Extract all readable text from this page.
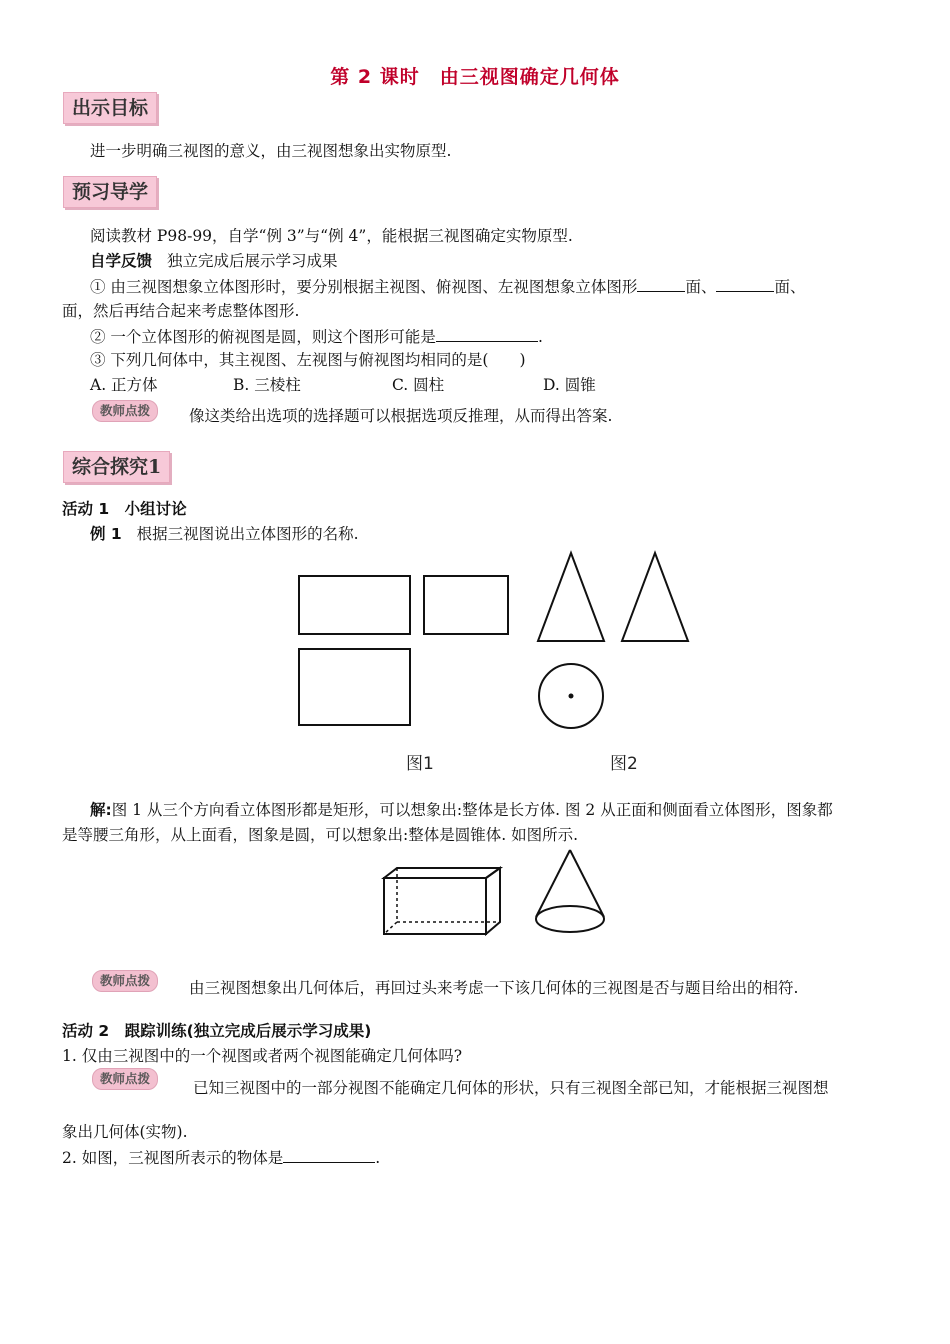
第 2 课时　由三视图确定几何体
出示目标
进一步明确三视图的意义，由三视图想象出实物原型.
预习导学
阅读教材 P98-99，自学“例 3”与“例 4”，能根据三视图确定实物原型.
自学反馈 独立完成后展示学习成果
① 由三视图想象立体图形时，要分别根据主视图、俯视图、左视图想象立体图形	面、	面、
面，然后再结合起来考虑整体图形.
② 一个立体图形的俯视图是圆，则这个图形可能是	.
③ 下列几何体中，其主视图、左视图与俯视图均相同的是(　　)
A. 正方体	B. 三棱柱	C. 圆柱	D. 圆锥
教师点拨	像这类给出选项的选择题可以根据选项反推理，从而得出答案.
综合探究1
活动 1　小组讨论
例 1 根据三视图说出立体图形的名称.
图1	图2
解:图 1 从三个方向看立体图形都是矩形，可以想象出:整体是长方体. 图 2 从正面和侧面看立体图形，图象都
是等腰三角形，从上面看，图象是圆，可以想象出:整体是圆锥体. 如图所示.
教师点拨	由三视图想象出几何体后，再回过头来考虑一下该几何体的三视图是否与题目给出的相符.
活动 2　跟踪训练(独立完成后展示学习成果)
1. 仅由三视图中的一个视图或者两个视图能确定几何体吗?
教师点拨
已知三视图中的一部分视图不能确定几何体的形状，只有三视图全部已知，才能根据三视图想
象出几何体(实物).
2. 如图，三视图所表示的物体是	.
